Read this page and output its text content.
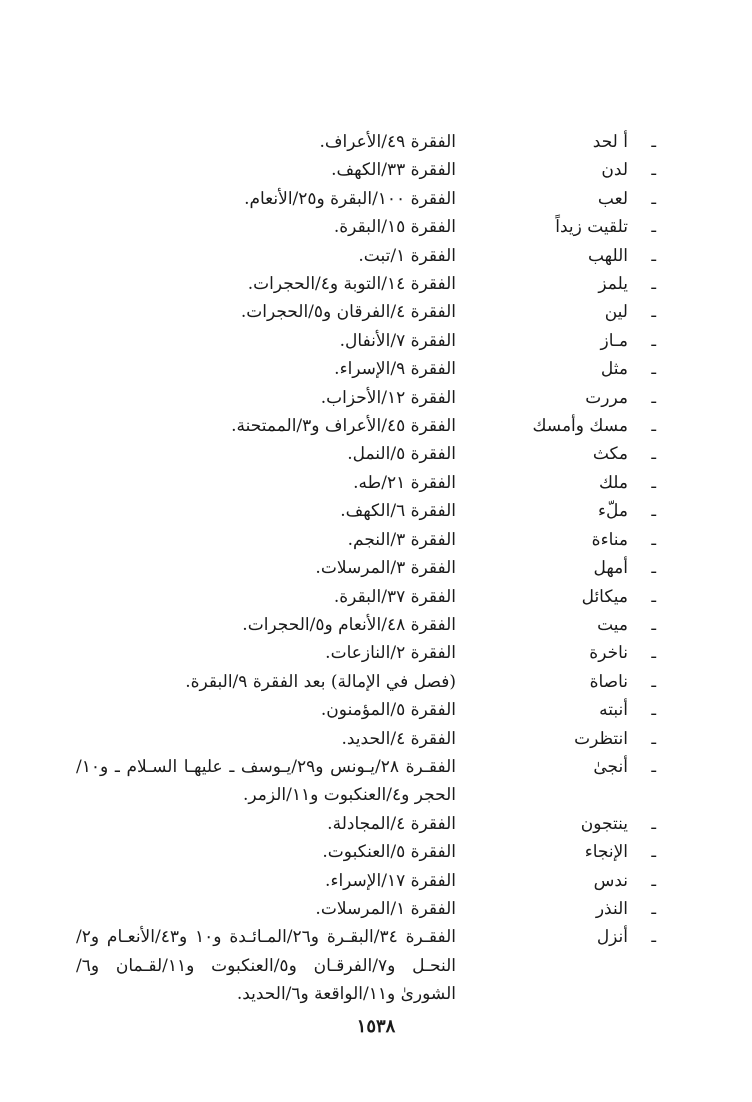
ـ
أ لحد
الفقرة ٤٩/الأعراف.
ـ
لدن
الفقرة ٣٣/الكهف.
ـ
لعب
الفقرة ١٠٠/البقرة و٢٥/الأنعام.
ـ
تلقيت زيداً
الفقرة ١٥/البقرة.
ـ
اللهب
الفقرة ١/تبت.
ـ
يلمز
الفقرة ١٤/التوبة و٤/الحجرات.
ـ
لين
الفقرة ٤/الفرقان و٥/الحجرات.
ـ
مـاز
الفقرة ٧/الأنفال.
ـ
مثل
الفقرة ٩/الإسراء.
ـ
مررت
الفقرة ١٢/الأحزاب.
ـ
مسك وأمسك
الفقرة ٤٥/الأعراف و٣/الممتحنة.
ـ
مكث
الفقرة ٥/النمل.
ـ
ملك
الفقرة ٢١/طه.
ـ
ملّء
الفقرة ٦/الكهف.
ـ
مناءة
الفقرة ٣/النجم.
ـ
أمهل
الفقرة ٣/المرسلات.
ـ
ميكائل
الفقرة ٣٧/البقرة.
ـ
ميت
الفقرة ٤٨/الأنعام و٥/الحجرات.
ـ
ناخرة
الفقرة ٢/النازعات.
ـ
ناصاة
(فصل في الإمالة) بعد الفقرة ٩/البقرة.
ـ
أنبته
الفقرة ٥/المؤمنون.
ـ
انتظرت
الفقرة ٤/الحديد.
ـ
أنجىٰ
الفقـرة ٢٨/يـونس و٢٩/يـوسف ـ عليهـا السـلام ـ و١٠/الحجر و٤/العنكبوت و١١/الزمر.
ـ
ينتجون
الفقرة ٤/المجادلة.
ـ
الإنجاء
الفقرة ٥/العنكبوت.
ـ
ندس
الفقرة ١٧/الإسراء.
ـ
النذر
الفقرة ١/المرسلات.
ـ
أنزل
الفقـرة ٣٤/البقـرة و٢٦/المـائـدة و١٠ و٤٣/الأنعـام و٢/النحـل و٧/الفرقـان و٥/العنكبوت و١١/لقـمان و٦/الشورىٰ و١١/الواقعة و٦/الحديد.
١٥٣٨
